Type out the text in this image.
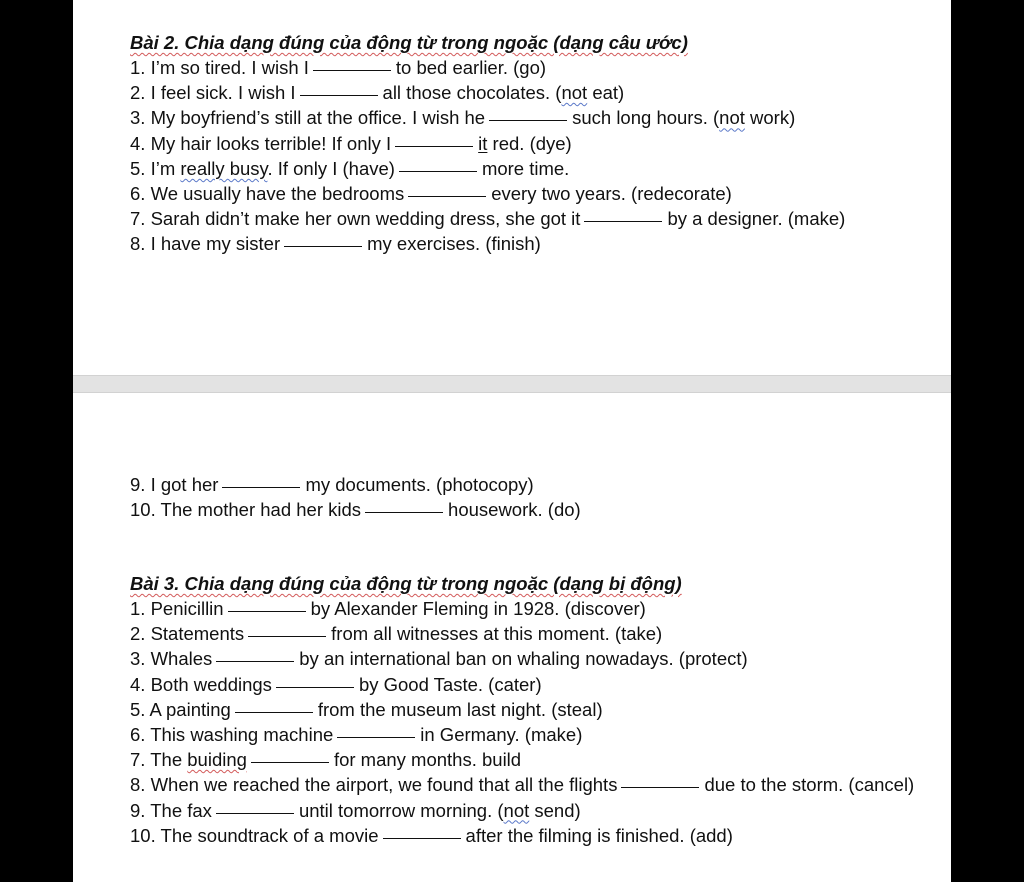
Bài 2. Chia dạng đúng của động từ trong ngoặc (dạng câu ước)
1. I’m so tired. I wish I	to bed earlier. (go)
2. I feel sick. I wish I	all those chocolates. (not eat)
3. My boyfriend’s still at the office. I wish he	such long hours. (not work)
4. My hair looks terrible! If only I	it red. (dye)
5. I’m really busy. If only I (have)	more time.
6. We usually have the bedrooms	every two years. (redecorate)
7. Sarah didn’t make her own wedding dress, she got it	by a designer. (make)
8. I have my sister	my exercises. (finish)
9. I got her	my documents. (photocopy)
10. The mother had her kids	housework. (do)
Bài 3. Chia dạng đúng của động từ trong ngoặc (dạng bị động)
1. Penicillin	by Alexander Fleming in 1928. (discover)
2. Statements	from all witnesses at this moment. (take)
3. Whales	by an international ban on whaling nowadays. (protect)
4. Both weddings	by Good Taste. (cater)
5. A painting	from the museum last night. (steal)
6. This washing machine	in Germany. (make)
7. The buiding	for many months. build
8. When we reached the airport, we found that all the flights	due to the storm. (cancel)
9. The fax	until tomorrow morning. (not send)
10. The soundtrack of a movie	after the filming is finished. (add)
